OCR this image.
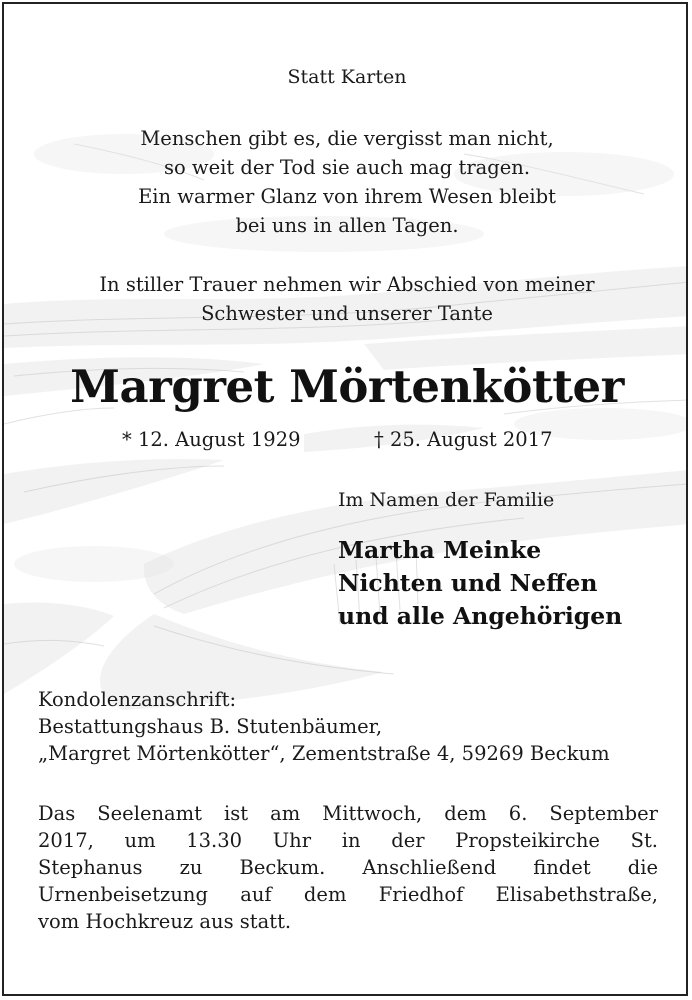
Statt Karten
Menschen gibt es, die vergisst man nicht,
so weit der Tod sie auch mag tragen.
Ein warmer Glanz von ihrem Wesen bleibt
bei uns in allen Tagen.
In stiller Trauer nehmen wir Abschied von meiner
Schwester und unserer Tante
Margret Mörtenkötter
* 12. August 1929	† 25. August 2017
Im Namen der Familie
Martha Meinke
Nichten und Neffen
und alle Angehörigen
Kondolenzanschrift:
Bestattungshaus B. Stutenbäumer,
„Margret Mörtenkötter“, Zementstraße 4, 59269 Beckum
Das Seelenamt ist am Mittwoch, dem 6. September
2017, um 13.30 Uhr in der Propsteikirche St.
Stephanus zu Beckum. Anschließend findet die
Urnenbeisetzung auf dem Friedhof Elisabethstraße,
vom Hochkreuz aus statt.
